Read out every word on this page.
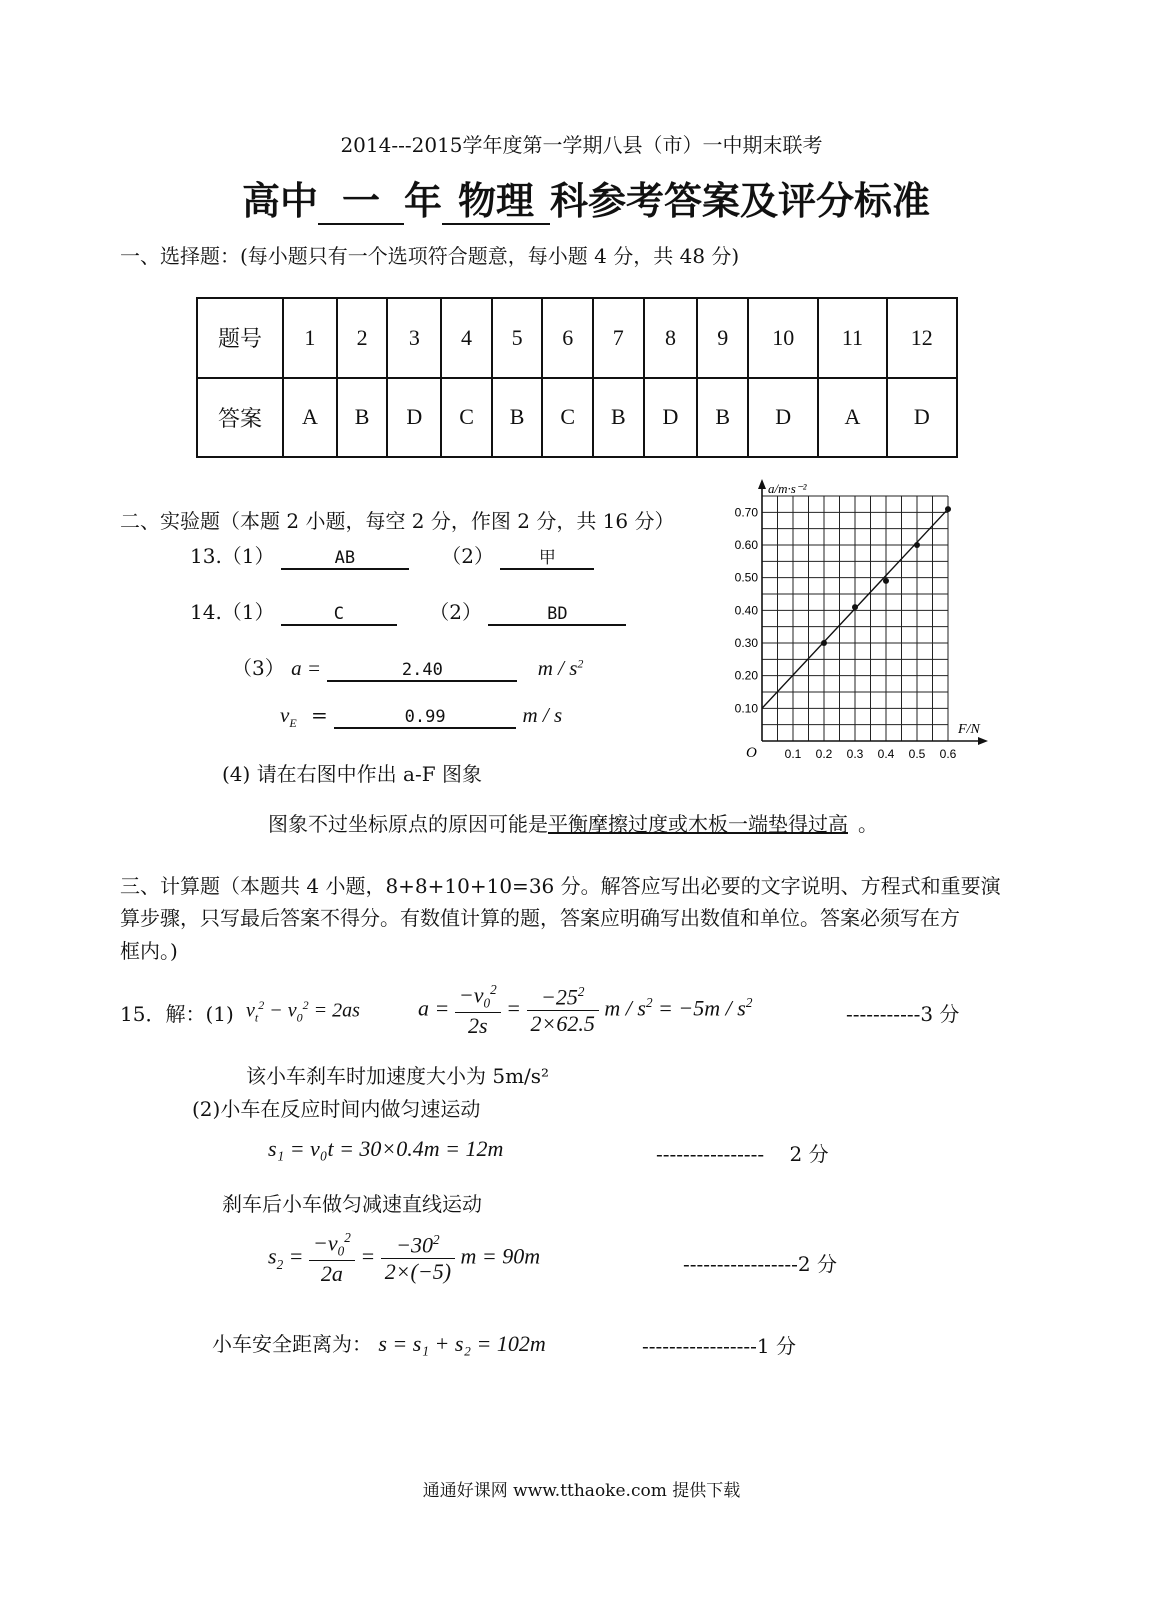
2014---2015学年度第一学期八县（市）一中期末联考
高中 一 年 物理 科参考答案及评分标准
一、选择题：(每小题只有一个选项符合题意，每小题 4 分，共 48 分)
题号	1	2	3	4	5	6	7	8	9	10	11	12
答案	A	B	D	C	B	C	B	D	B	D	A	D
二、实验题（本题 2 小题，每空 2 分，作图 2 分，共 16 分）
13.（1）	AB	（2）	甲
14.（1）	C	（2）	BD
（3） a =	2.40	m / $s^2$
$v_E$ =	0.99	m / s
(4) 请在右图中作出 a-F 图象
图象不过坐标原点的原因可能是平衡摩擦过度或木板一端垫得过高 。
a/m·s⁻²
F/N
O
0.10
0.20
0.30
0.40
0.50
0.60
0.70
0.1 0.2 0.3 0.4 0.5 0.6
三、计算题（本题共 4 小题，8+8+10+10=36 分。解答应写出必要的文字说明、方程式和重要演
算步骤，只写最后答案不得分。有数值计算的题，答案应明确写出数值和单位。答案必须写在方
框内。)
15．解：(1) $v_t^2 - v_0^2 = 2as$	$a = \frac{-v_0^2}{2s} = \frac{-25^2}{2\times 62.5}$ $m / s^2 = -5m / s^2$	-----------3 分
该小车刹车时加速度大小为 5m/s²
(2)小车在反应时间内做匀速运动
s₁ = v₀t = 30×0.4m = 12m	----------------    2 分
刹车后小车做匀减速直线运动
$s_2 = \frac{-v_0^2}{2a} = \frac{-30^2}{2\times(-5)}$ m = 90m	-----------------2 分
小车安全距离为： s = s₁ + s₂ = 102m	-----------------1 分
通通好课网 www.tthaoke.com 提供下载
